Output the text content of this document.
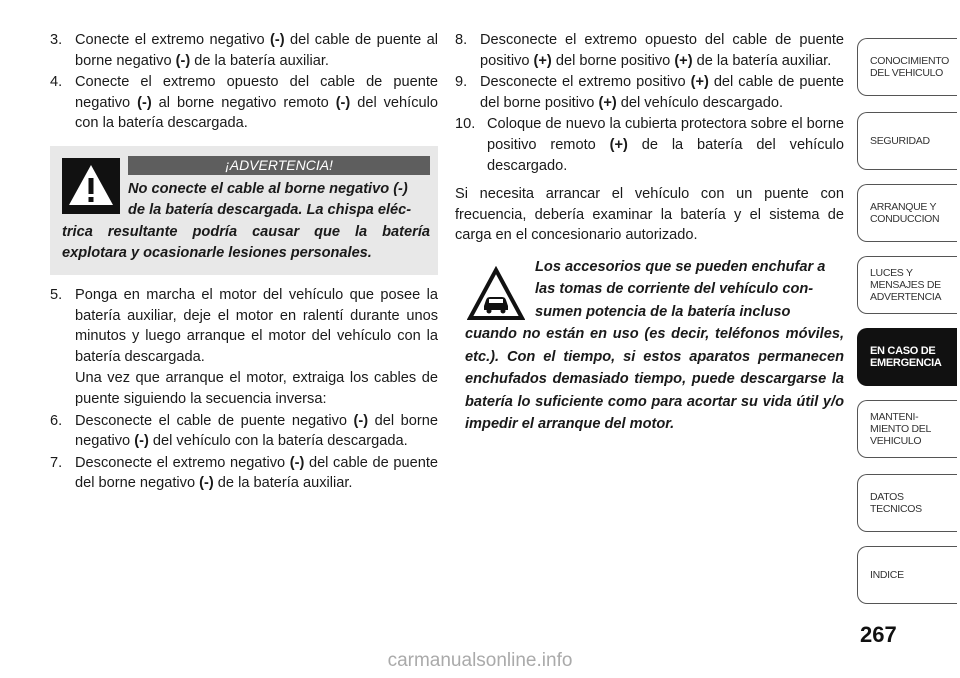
3. Conecte el extremo negativo (-) del cable de puente al borne negativo (-) de la batería auxiliar.
4. Conecte el extremo opuesto del cable de puente negativo (-) al borne negativo remoto (-) del vehículo con la batería descargada.
¡ADVERTENCIA!
No conecte el cable al borne negativo (-)
de la batería descargada. La chispa eléc-
trica resultante podría causar que la batería explotara y ocasionarle lesiones personales.
5. Ponga en marcha el motor del vehículo que posee la batería auxiliar, deje el motor en ralentí durante unos minutos y luego arranque el motor del vehículo con la batería descargada.
Una vez que arranque el motor, extraiga los cables de puente siguiendo la secuencia inversa:
6. Desconecte el cable de puente negativo (-) del borne negativo (-) del vehículo con la batería descargada.
7. Desconecte el extremo negativo (-) del cable de puente del borne negativo (-) de la batería auxiliar.
8. Desconecte el extremo opuesto del cable de puente positivo (+) del borne positivo (+) de la batería auxiliar.
9. Desconecte el extremo positivo (+) del cable de puente del borne positivo (+) del vehículo descargado.
10. Coloque de nuevo la cubierta protectora sobre el borne positivo remoto (+) de la batería del vehículo descargado.
Si necesita arrancar el vehículo con un puente con frecuencia, debería examinar la batería y el sistema de carga en el concesionario autorizado.
Los accesorios que se pueden enchufar a
las tomas de corriente del vehículo con-
sumen potencia de la batería incluso
cuando no están en uso (es decir, teléfonos móviles, etc.). Con el tiempo, si estos aparatos permanecen enchufados demasiado tiempo, puede descargarse la batería lo suficiente como para acortar su vida útil y/o impedir el arranque del motor.
CONOCIMIENTO
DEL VEHICULO
SEGURIDAD
ARRANQUE Y
CONDUCCION
LUCES Y
MENSAJES DE
ADVERTENCIA
EN CASO DE
EMERGENCIA
MANTENI-
MIENTO DEL
VEHICULO
DATOS
TECNICOS
INDICE
267
carmanualsonline.info
